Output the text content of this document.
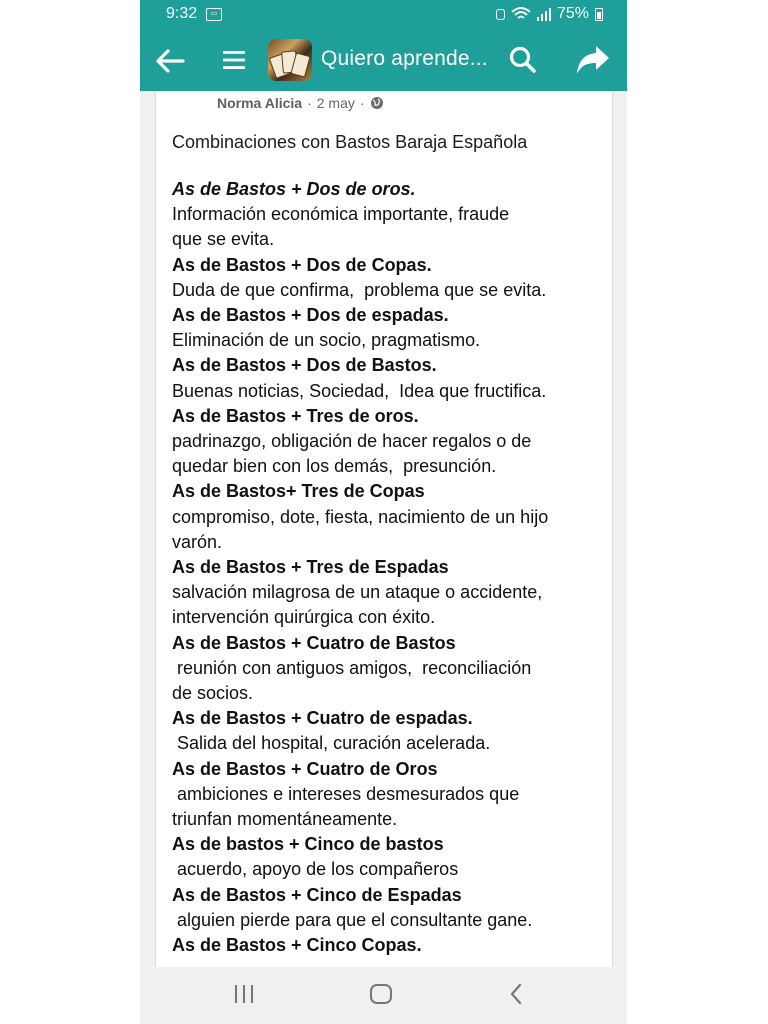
9:32	▭	75%
Quiero aprende...
Norma Alicia · 2 may ·
Combinaciones con Bastos Baraja Española

As de Bastos + Dos de oros.

Información económica importante, fraude
que se evita.

As de Bastos + Dos de Copas.

Duda de que confirma,  problema que se evita.

As de Bastos + Dos de espadas.

Eliminación de un socio, pragmatismo.

As de Bastos + Dos de Bastos.

Buenas noticias, Sociedad,  Idea que fructifica.

As de Bastos + Tres de oros.

padrinazgo, obligación de hacer regalos o de
quedar bien con los demás,  presunción.

As de Bastos+ Tres de Copas

compromiso, dote, fiesta, nacimiento de un hijo
varón.

As de Bastos + Tres de Espadas

salvación milagrosa de un ataque o accidente,
intervención quirúrgica con éxito.

As de Bastos + Cuatro de Bastos

reunión con antiguos amigos,  reconciliación
de socios.

As de Bastos + Cuatro de espadas.

Salida del hospital, curación acelerada.

As de Bastos + Cuatro de Oros

ambiciones e intereses desmesurados que
triunfan momentáneamente.

As de bastos + Cinco de bastos

acuerdo, apoyo de los compañeros

As de Bastos + Cinco de Espadas

alguien pierde para que el consultante gane.

As de Bastos + Cinco Copas.
